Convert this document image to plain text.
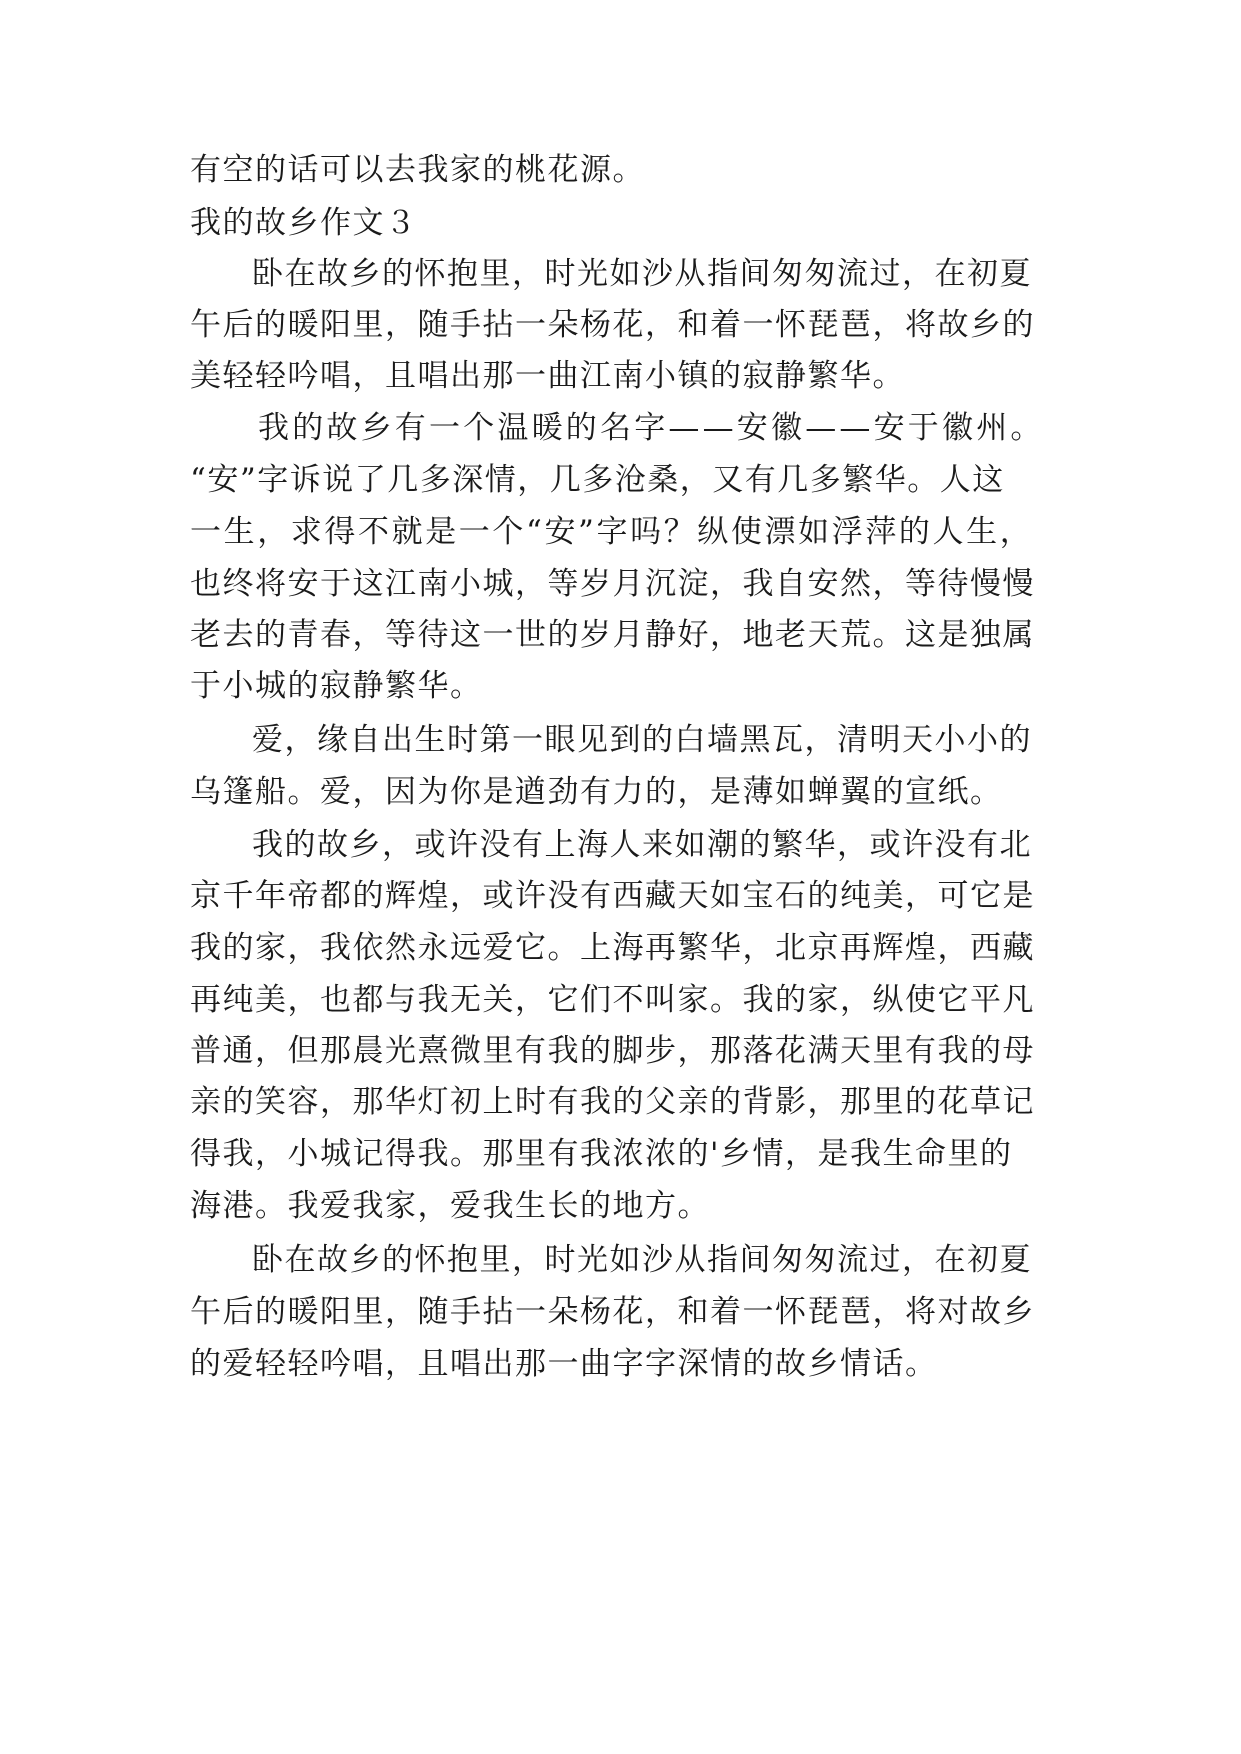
有空的话可以去我家的桃花源。
我的故乡作文３
卧在故乡的怀抱里，时光如沙从指间匆匆流过，在初夏
午后的暖阳里，随手拈一朵杨花，和着一怀琵琶，将故乡的
美轻轻吟唱，且唱出那一曲江南小镇的寂静繁华。
我的故乡有一个温暖的名字——安徽——安于徽州。
“安”字诉说了几多深情，几多沧桑，又有几多繁华。人这
一生，求得不就是一个“安”字吗？纵使漂如浮萍的人生，
也终将安于这江南小城，等岁月沉淀，我自安然，等待慢慢
老去的青春，等待这一世的岁月静好，地老天荒。这是独属
于小城的寂静繁华。
爱，缘自出生时第一眼见到的白墙黑瓦，清明天小小的
乌篷船。爱，因为你是遒劲有力的，是薄如蝉翼的宣纸。
我的故乡，或许没有上海人来如潮的繁华，或许没有北
京千年帝都的辉煌，或许没有西藏天如宝石的纯美，可它是
我的家，我依然永远爱它。上海再繁华，北京再辉煌，西藏
再纯美，也都与我无关，它们不叫家。我的家，纵使它平凡
普通，但那晨光熹微里有我的脚步，那落花满天里有我的母
亲的笑容，那华灯初上时有我的父亲的背影，那里的花草记
得我，小城记得我。那里有我浓浓的'乡情，是我生命里的
海港。我爱我家，爱我生长的地方。
卧在故乡的怀抱里，时光如沙从指间匆匆流过，在初夏
午后的暖阳里，随手拈一朵杨花，和着一怀琵琶，将对故乡
的爱轻轻吟唱，且唱出那一曲字字深情的故乡情话。
